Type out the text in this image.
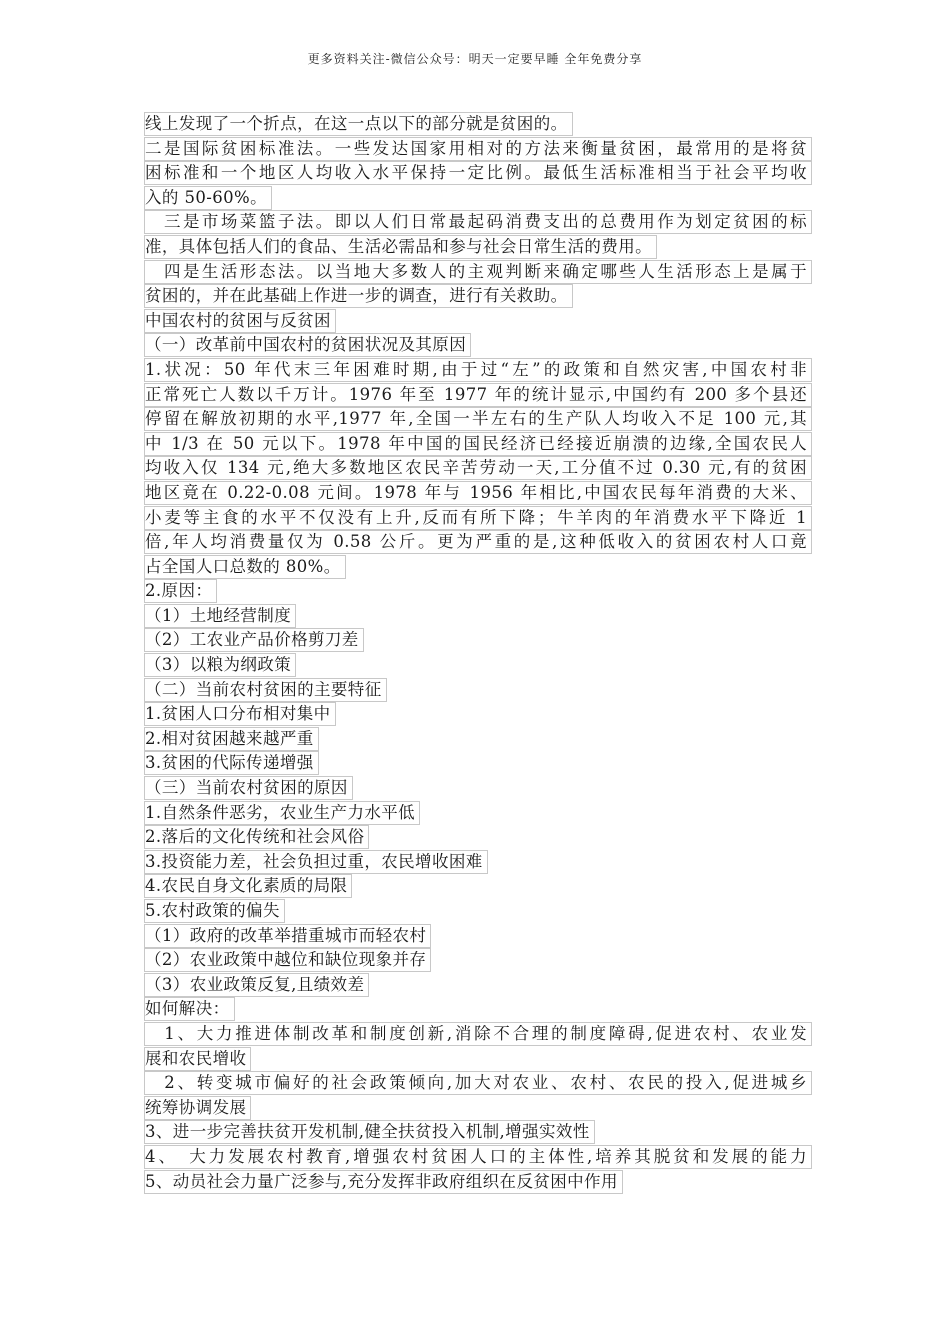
更多资料关注-微信公众号：明天一定要早睡 全年免费分享
线上发现了一个折点，在这一点以下的部分就是贫困的。
二是国际贫困标准法。一些发达国家用相对的方法来衡量贫困，最常用的是将贫
困标准和一个地区人均收入水平保持一定比例。最低生活标准相当于社会平均收
入的 50-60%。
　三是市场菜篮子法。即以人们日常最起码消费支出的总费用作为划定贫困的标
准，具体包括人们的食品、生活必需品和参与社会日常生活的费用。
　四是生活形态法。以当地大多数人的主观判断来确定哪些人生活形态上是属于
贫困的，并在此基础上作进一步的调查，进行有关救助。
中国农村的贫困与反贫困
（一）改革前中国农村的贫困状况及其原因
1.状况：50 年代末三年困难时期,由于过“左”的政策和自然灾害,中国农村非
正常死亡人数以千万计。1976 年至 1977 年的统计显示,中国约有 200 多个县还
停留在解放初期的水平,1977 年,全国一半左右的生产队人均收入不足 100 元,其
中 1/3 在 50 元以下。1978 年中国的国民经济已经接近崩溃的边缘,全国农民人
均收入仅 134 元,绝大多数地区农民辛苦劳动一天,工分值不过 0.30 元,有的贫困
地区竟在 0.22-0.08 元间。1978 年与 1956 年相比,中国农民每年消费的大米、
小麦等主食的水平不仅没有上升,反而有所下降；牛羊肉的年消费水平下降近 1
倍,年人均消费量仅为 0.58 公斤。更为严重的是,这种低收入的贫困农村人口竟
占全国人口总数的 80%。
2.原因：
（1）土地经营制度
（2）工农业产品价格剪刀差
（3）以粮为纲政策
（二）当前农村贫困的主要特征
1.贫困人口分布相对集中
2.相对贫困越来越严重
3.贫困的代际传递增强
（三）当前农村贫困的原因
1.自然条件恶劣，农业生产力水平低
2.落后的文化传统和社会风俗
3.投资能力差，社会负担过重，农民增收困难
4.农民自身文化素质的局限
5.农村政策的偏失
（1）政府的改革举措重城市而轻农村
（2）农业政策中越位和缺位现象并存
（3）农业政策反复,且绩效差
如何解决：
　1、大力推进体制改革和制度创新,消除不合理的制度障碍,促进农村、农业发
展和农民增收
　2、转变城市偏好的社会政策倾向,加大对农业、农村、农民的投入,促进城乡
统筹协调发展
3、进一步完善扶贫开发机制,健全扶贫投入机制,增强实效性
4、　大力发展农村教育,增强农村贫困人口的主体性,培养其脱贫和发展的能力
5、动员社会力量广泛参与,充分发挥非政府组织在反贫困中作用
